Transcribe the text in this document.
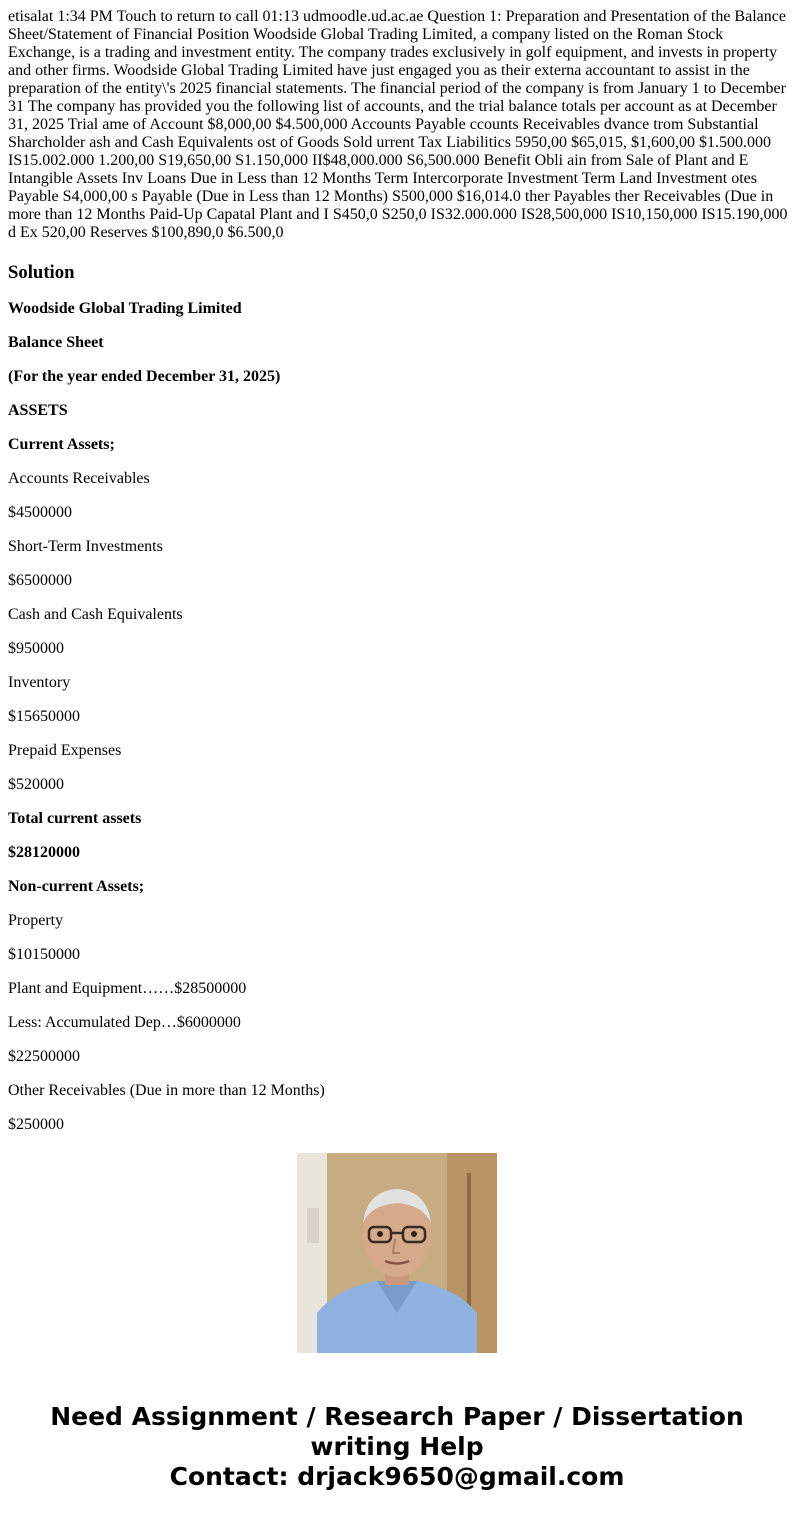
etisalat 1:34 PM Touch to return to call 01:13 udmoodle.ud.ac.ae Question 1: Preparation and Presentation of the Balance Sheet/Statement of Financial Position Woodside Global Trading Limited, a company listed on the Roman Stock Exchange, is a trading and investment entity. The company trades exclusively in golf equipment, and invests in property and other firms. Woodside Global Trading Limited have just engaged you as their externa accountant to assist in the preparation of the entity\'s 2025 financial statements. The financial period of the company is from January 1 to December 31 The company has provided you the following list of accounts, and the trial balance totals per account as at December 31, 2025 Trial ame of Account $8,000,00 $4.500,000 Accounts Payable ccounts Receivables dvance trom Substantial Sharcholder ash and Cash Equivalents ost of Goods Sold urrent Tax Liabilitics 5950,00 $65,015, $1,600,00 $1.500.000 IS15.002.000 1.200,00 S19,650,00 S1.150,000 II$48,000.000 S6,500.000 Benefit Obli ain from Sale of Plant and E Intangible Assets Inv Loans Due in Less than 12 Months Term Intercorporate Investment Term Land Investment otes Payable S4,000,00 s Payable (Due in Less than 12 Months) S500,000 $16,014.0 ther Payables ther Receivables (Due in more than 12 Months Paid-Up Capatal Plant and I S450,0 S250,0 IS32.000.000 IS28,500,000 IS10,150,000 IS15.190,000 d Ex 520,00 Reserves $100,890,0 $6.500,0
Solution
Woodside Global Trading Limited
Balance Sheet
(For the year ended December 31, 2025)
ASSETS
Current Assets;
Accounts Receivables
$4500000
Short-Term Investments
$6500000
Cash and Cash Equivalents
$950000
Inventory
$15650000
Prepaid Expenses
$520000
Total current assets
$28120000
Non-current Assets;
Property
$10150000
Plant and Equipment……$28500000
Less: Accumulated Dep…$6000000
$22500000
Other Receivables (Due in more than 12 Months)
$250000
Need Assignment / Research Paper / Dissertation
writing Help
Contact: drjack9650@gmail.com
